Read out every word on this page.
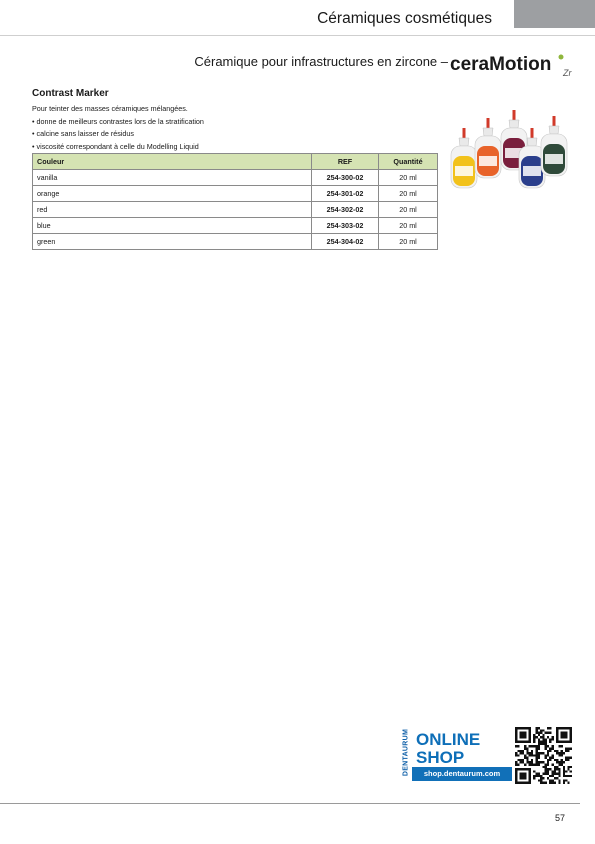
Céramiques cosmétiques
Céramique pour infrastructures en zircone – ceraMotion Zr
Contrast Marker
Pour teinter des masses céramiques mélangées.
• donne de meilleurs contrastes lors de la stratification
• calcine sans laisser de résidus
• viscosité correspondant à celle du Modelling Liquid
Couleur	REF	Quantité
vanilla	254-300-02	20 ml
orange	254-301-02	20 ml
red	254-302-02	20 ml
blue	254-303-02	20 ml
green	254-304-02	20 ml
DENTAURUM ONLINE
SHOP
shop.dentaurum.com
57
